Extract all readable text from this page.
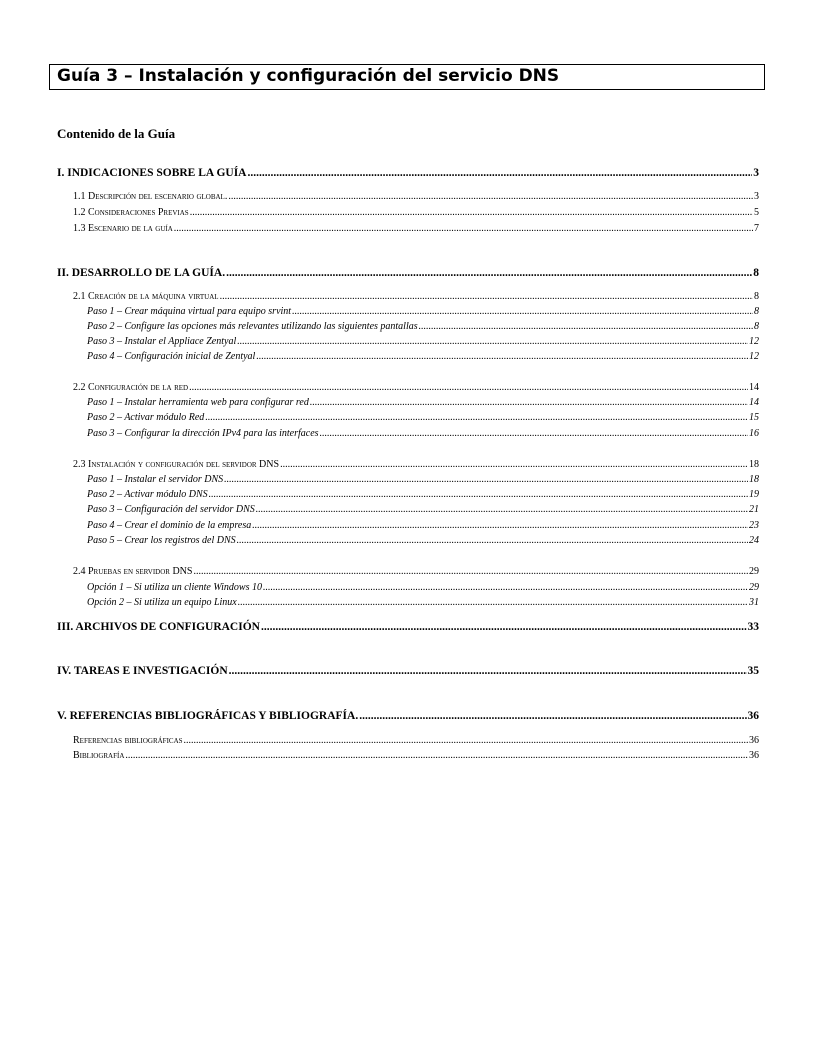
Guía 3 – Instalación y configuración del servicio DNS
Contenido de la Guía
I. INDICACIONES SOBRE LA GUÍA .....	3
1.1 Descripción del escenario global. .....	3
1.2 Consideraciones Previas .....	5
1.3 Escenario de la guía .....	7
II. DESARROLLO DE LA GUÍA. .....	8
2.1 Creación de la máquina virtual .....	8
Paso 1 – Crear máquina virtual para equipo srvint .....	8
Paso 2 – Configure las opciones más relevantes utilizando las siguientes pantallas .....	8
Paso 3 – Instalar el Appliace Zentyal .....	12
Paso 4 – Configuración inicial de Zentyal .....	12
2.2 Configuración de la red .....	14
Paso 1 – Instalar herramienta web para configurar red .....	14
Paso 2 – Activar módulo Red .....	15
Paso 3 – Configurar la dirección IPv4 para las interfaces .....	16
2.3 Instalación y configuración del servidor DNS .....	18
Paso 1 – Instalar el servidor DNS .....	18
Paso 2 – Activar módulo DNS .....	19
Paso 3 – Configuración del servidor DNS .....	21
Paso 4 – Crear el dominio de la empresa .....	23
Paso 5 – Crear los registros del DNS .....	24
2.4 Pruebas en servidor DNS .....	29
Opción 1 – Si utiliza un cliente Windows 10 .....	29
Opción 2 – Si utiliza un equipo Linux .....	31
III. ARCHIVOS DE CONFIGURACIÓN .....	33
IV. TAREAS E INVESTIGACIÓN .....	35
V. REFERENCIAS BIBLIOGRÁFICAS Y BIBLIOGRAFÍA. .....	36
Referencias bibliográficas .....	36
Bibliografía .....	36
